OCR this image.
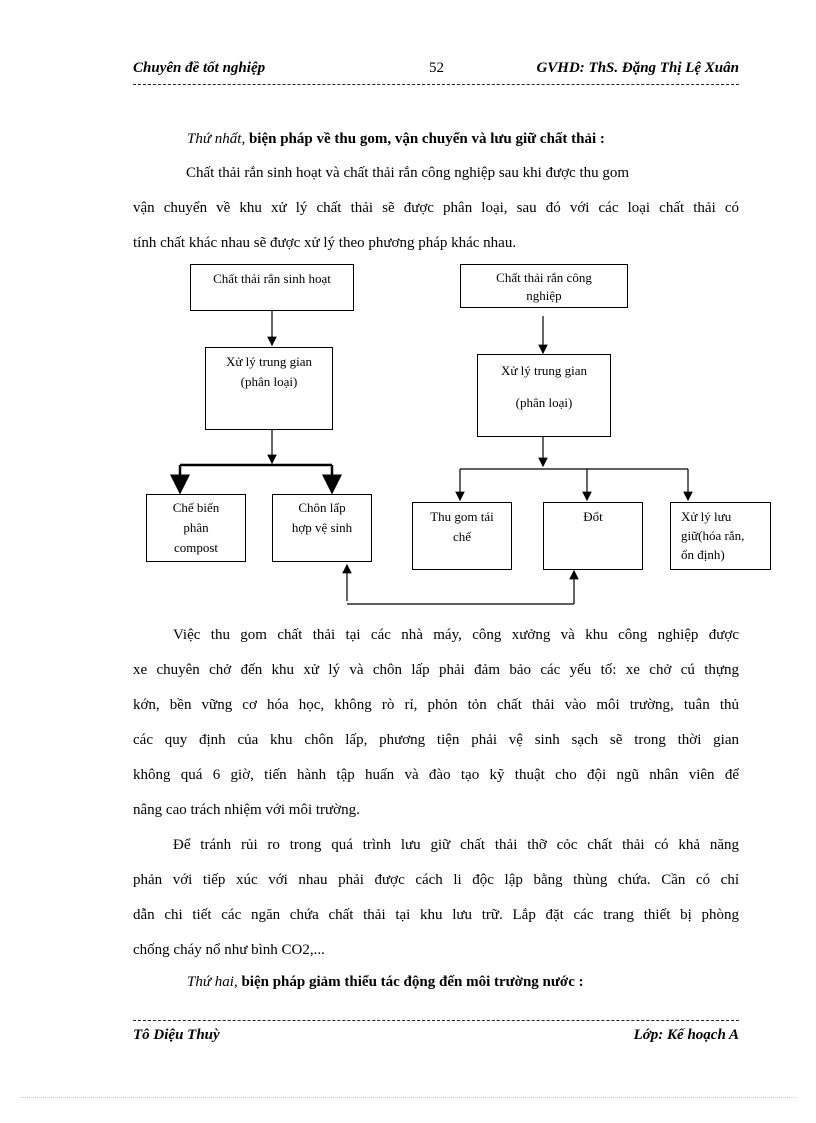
Chuyên đề tốt nghiệp	52	GVHD: ThS. Đặng Thị Lệ Xuân
Thứ nhất, biện pháp về thu gom, vận chuyển và lưu giữ chất thải :
Chất thải rắn sinh hoạt và chất thải rắn công nghiệp sau khi được thu gom
vận chuyển về khu xử lý chất thải sẽ được phân loại, sau đó với các loại chất thải có
tính chất khác nhau sẽ được xử lý theo phương pháp khác nhau.
Chất thải rắn sinh hoạt	Chất thải rắn công
nghiệp
Xử lý trung gian
(phân loại)
Xử lý trung gian
(phân loại)
Chế biến
phân
compost
Chôn lấp
hợp vệ sinh
Thu gom tái
chế
Đốt	Xử lý lưu
giữ(hóa rắn,
ổn định)
Việc thu gom chất thải tại các nhà máy, công xưởng và khu công nghiệp được
xe chuyên chở đến khu xử lý và chôn lấp phải đảm bảo các yếu tố: xe chở cú thựng
kớn, bền vững cơ hóa học, không rò rỉ, phỏn tỏn chất thải vào môi trường, tuân thủ
các quy định của khu chôn lấp, phương tiện phải vệ sinh sạch sẽ trong thời gian
không quá 6 giờ, tiến hành tập huấn và đào tạo kỹ thuật cho đội ngũ nhân viên để
nâng cao trách nhiệm với môi trường.
Để tránh rủi ro trong quá trình lưu giữ chất thải thỡ cỏc chất thải có khả năng
phản với tiếp xúc với nhau phải được cách li độc lập bằng thùng chứa. Cần có chỉ
dẫn chi tiết các ngăn chứa chất thải tại khu lưu trữ. Lắp đặt các trang thiết bị phòng
chống cháy nổ như bình CO2,...
Thứ hai, biện pháp giảm thiểu tác động đến môi trường nước :
Tô Diệu Thuỳ	Lớp: Kế hoạch A
